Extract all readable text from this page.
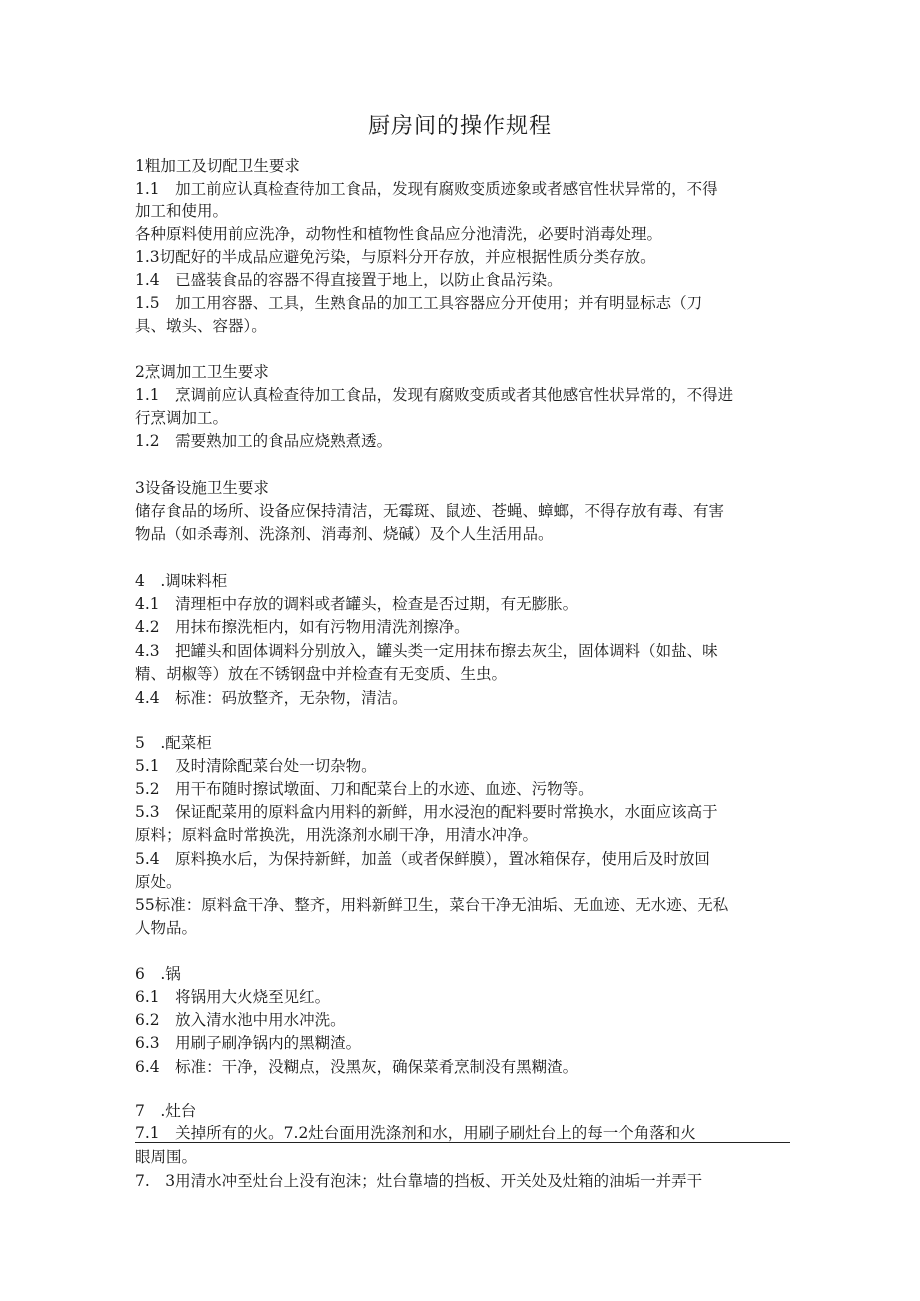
厨房间的操作规程
1粗加工及切配卫生要求
1.1　加工前应认真检查待加工食品，发现有腐败变质迹象或者感官性状异常的，不得
加工和使用。
各种原料使用前应洗净，动物性和植物性食品应分池清洗，必要时消毒处理。
1.3切配好的半成品应避免污染，与原料分开存放，并应根据性质分类存放。
1.4　已盛装食品的容器不得直接置于地上，以防止食品污染。
1.5　加工用容器、工具，生熟食品的加工工具容器应分开使用；并有明显标志（刀
具、墩头、容器）。
2烹调加工卫生要求
1.1　烹调前应认真检查待加工食品，发现有腐败变质或者其他感官性状异常的，不得进
行烹调加工。
1.2　需要熟加工的食品应烧熟煮透。
3设备设施卫生要求
储存食品的场所、设备应保持清洁，无霉斑、鼠迹、苍蝇、蟑螂，不得存放有毒、有害
物品（如杀毒剂、洗涤剂、消毒剂、烧碱）及个人生活用品。
4　.调味料柜
4.1　清理柜中存放的调料或者罐头，检查是否过期，有无膨胀。
4.2　用抹布擦洗柜内，如有污物用清洗剂擦净。
4.3　把罐头和固体调料分别放入，罐头类一定用抹布擦去灰尘，固体调料（如盐、味
精、胡椒等）放在不锈钢盘中并检查有无变质、生虫。
4.4　标准：码放整齐，无杂物，清洁。
5　.配菜柜
5.1　及时清除配菜台处一切杂物。
5.2　用干布随时擦试墩面、刀和配菜台上的水迹、血迹、污物等。
5.3　保证配菜用的原料盒内用料的新鲜，用水浸泡的配料要时常换水，水面应该高于
原料；原料盒时常换洗，用洗涤剂水刷干净，用清水冲净。
5.4　原料换水后，为保持新鲜，加盖（或者保鲜膜），置冰箱保存，使用后及时放回
原处。
55标准：原料盒干净、整齐，用料新鲜卫生，菜台干净无油垢、无血迹、无水迹、无私
人物品。
6　.锅
6.1　将锅用大火烧至见红。
6.2　放入清水池中用水冲洗。
6.3　用刷子刷净锅内的黑糊渣。
6.4　标准：干净，没糊点，没黑灰，确保菜肴烹制没有黑糊渣。
7　.灶台
7.1　关掉所有的火。7.2灶台面用洗涤剂和水，用刷子刷灶台上的每一个角落和火
眼周围。
7.　3用清水冲至灶台上没有泡沫；灶台靠墙的挡板、开关处及灶箱的油垢一并弄干
